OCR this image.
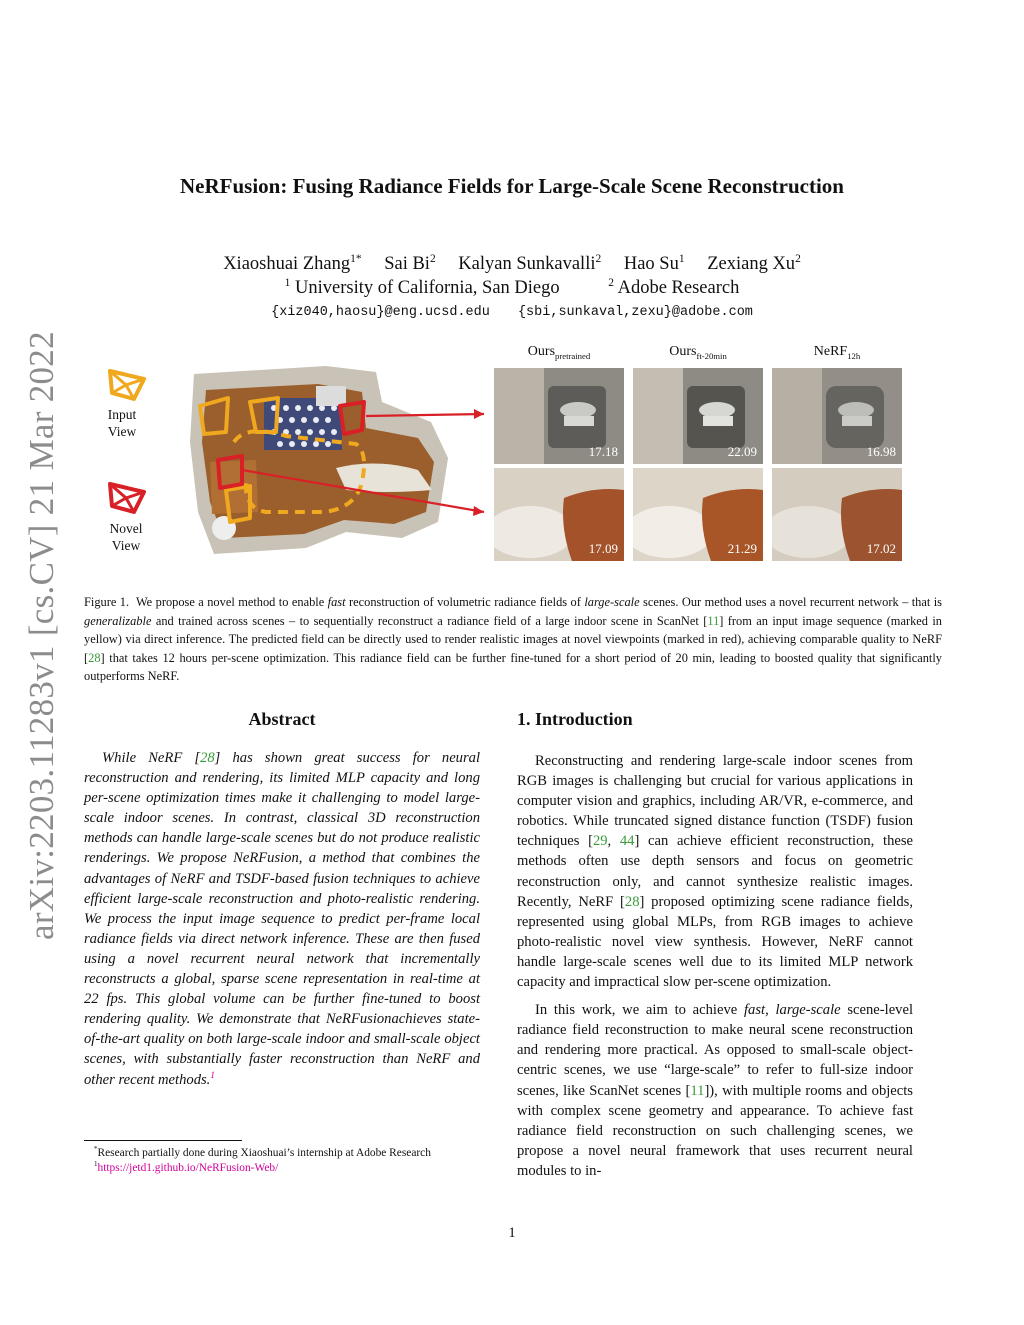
arXiv:2203.11283v1 [cs.CV] 21 Mar 2022
NeRFusion: Fusing Radiance Fields for Large-Scale Scene Reconstruction
Xiaoshuai Zhang$^{1*}$ Sai Bi$^2$ Kalyan Sunkavalli$^2$ Hao Su$^1$ Zexiang Xu$^2$
$^1$ University of California, San Diego	$^2$ Adobe Research
{xiz040,haosu}@eng.ucsd.edu {sbi,sunkaval,zexu}@adobe.com
Input
View
Novel
View
Ours$_{pretrained}$	Ours$_{ft-20min}$	NeRF$_{12h}$
17.18	22.09	16.98
17.09	21.29	17.02

Figure 1. We propose a novel method to enable fast reconstruction of volumetric radiance fields of large-scale scenes. Our method uses a novel recurrent network – that is generalizable and trained across scenes – to sequentially reconstruct a radiance field of a large indoor scene in ScanNet [11] from an input image sequence (marked in yellow) via direct inference. The predicted field can be directly used to render realistic images at novel viewpoints (marked in red), achieving comparable quality to NeRF [28] that takes 12 hours per-scene optimization. This radiance field can be further fine-tuned for a short period of 20 min, leading to boosted quality that significantly outperforms NeRF.

Abstract

While NeRF [28] has shown great success for neural reconstruction and rendering, its limited MLP capacity and long per-scene optimization times make it challenging to model large-scale indoor scenes. In contrast, classical 3D reconstruction methods can handle large-scale scenes but do not produce realistic renderings. We propose NeRFusion, a method that combines the advantages of NeRF and TSDF-based fusion techniques to achieve efficient large-scale reconstruction and photo-realistic rendering. We process the input image sequence to predict per-frame local radiance fields via direct network inference. These are then fused using a novel recurrent neural network that incrementally reconstructs a global, sparse scene representation in real-time at 22 fps. This global volume can be further fine-tuned to boost rendering quality. We demonstrate that NeRFusionachieves state-of-the-art quality on both large-scale indoor and small-scale object scenes, with substantially faster reconstruction than NeRF and other recent methods.$^1$

*Research partially done during Xiaoshuai’s internship at Adobe Research

$^1$https://jetd1.github.io/NeRFusion-Web/

1. Introduction

Reconstructing and rendering large-scale indoor scenes from RGB images is challenging but crucial for various applications in computer vision and graphics, including AR/VR, e-commerce, and robotics. While truncated signed distance function (TSDF) fusion techniques [29, 44] can achieve efficient reconstruction, these methods often use depth sensors and focus on geometric reconstruction only, and cannot synthesize realistic images. Recently, NeRF [28] proposed optimizing scene radiance fields, represented using global MLPs, from RGB images to achieve photo-realistic novel view synthesis. However, NeRF cannot handle large-scale scenes well due to its limited MLP network capacity and impractical slow per-scene optimization.

In this work, we aim to achieve fast, large-scale scene-level radiance field reconstruction to make neural scene reconstruction and rendering more practical. As opposed to small-scale object-centric scenes, we use “large-scale” to refer to full-size indoor scenes, like ScanNet scenes [11]), with multiple rooms and objects with complex scene geometry and appearance. To achieve fast radiance field reconstruction on such challenging scenes, we propose a novel neural framework that uses recurrent neural modules to in-

1
